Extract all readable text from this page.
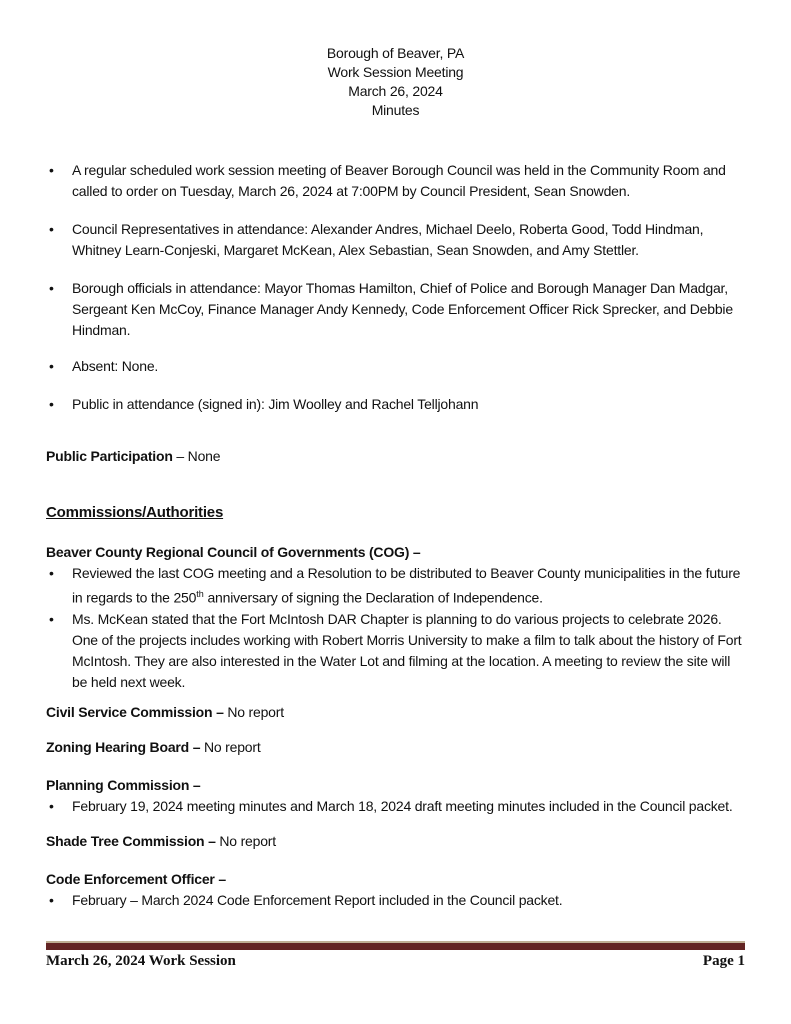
Borough of Beaver, PA
Work Session Meeting
March 26, 2024
Minutes
•	A regular scheduled work session meeting of Beaver Borough Council was held in the Community Room and called to order on Tuesday, March 26, 2024 at 7:00PM by Council President, Sean Snowden.
•	Council Representatives in attendance: Alexander Andres, Michael Deelo, Roberta Good, Todd Hindman, Whitney Learn-Conjeski, Margaret McKean, Alex Sebastian, Sean Snowden, and Amy Stettler.
•	Borough officials in attendance: Mayor Thomas Hamilton, Chief of Police and Borough Manager Dan Madgar, Sergeant Ken McCoy, Finance Manager Andy Kennedy, Code Enforcement Officer Rick Sprecker, and Debbie Hindman.
•	Absent: None.
•	Public in attendance (signed in): Jim Woolley and Rachel Telljohann
Public Participation – None
Commissions/Authorities
Beaver County Regional Council of Governments (COG) –
•	Reviewed the last COG meeting and a Resolution to be distributed to Beaver County municipalities in the future in regards to the 250th anniversary of signing the Declaration of Independence.
•	Ms. McKean stated that the Fort McIntosh DAR Chapter is planning to do various projects to celebrate 2026. One of the projects includes working with Robert Morris University to make a film to talk about the history of Fort McIntosh. They are also interested in the Water Lot and filming at the location. A meeting to review the site will be held next week.
Civil Service Commission – No report
Zoning Hearing Board – No report
Planning Commission –
•	February 19, 2024 meeting minutes and March 18, 2024 draft meeting minutes included in the Council packet.
Shade Tree Commission – No report
Code Enforcement Officer –
•	February – March 2024 Code Enforcement Report included in the Council packet.
March 26, 2024 Work Session	Page 1
